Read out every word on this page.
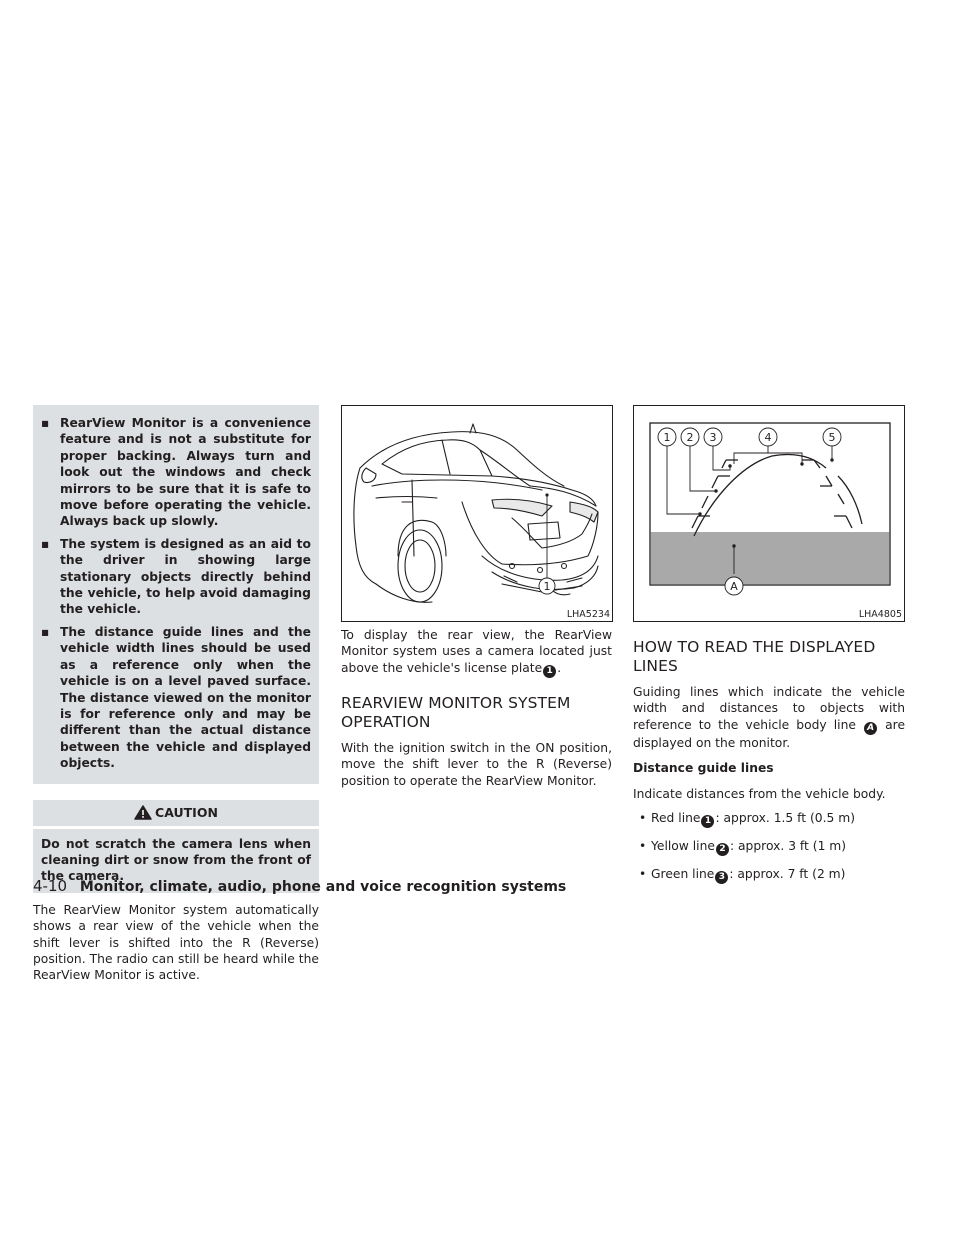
▪ RearView Monitor is a convenience feature and is not a substitute for proper backing. Always turn and look out the windows and check mirrors to be sure that it is safe to move before operating the vehicle. Always back up slowly.
▪ The system is designed as an aid to the driver in showing large stationary objects directly behind the vehicle, to help avoid damaging the vehicle.
▪ The distance guide lines and the vehicle width lines should be used as a reference only when the vehicle is on a level paved surface. The distance viewed on the monitor is for reference only and may be different than the actual distance between the vehicle and displayed objects.
CAUTION
Do not scratch the camera lens when cleaning dirt or snow from the front of the camera.

The RearView Monitor system automatically shows a rear view of the vehicle when the shift lever is shifted into the R (Reverse) position. The radio can still be heard while the RearView Monitor is active.

1
LHA5234

To display the rear view, the RearView Monitor system uses a camera located just above the vehicle's license plate 1 .

REARVIEW MONITOR SYSTEM OPERATION

With the ignition switch in the ON position, move the shift lever to the R (Reverse) position to operate the RearView Monitor.

1 2 3	4	5
A
LHA4805
HOW TO READ THE DISPLAYED LINES

Guiding lines which indicate the vehicle width and distances to objects with reference to the vehicle body line A are displayed on the monitor.

Distance guide lines

Indicate distances from the vehicle body.

• Red line 1 : approx. 1.5 ft (0.5 m)
• Yellow line 2 : approx. 3 ft (1 m)
• Green line 3 : approx. 7 ft (2 m)
4-10 Monitor, climate, audio, phone and voice recognition systems
